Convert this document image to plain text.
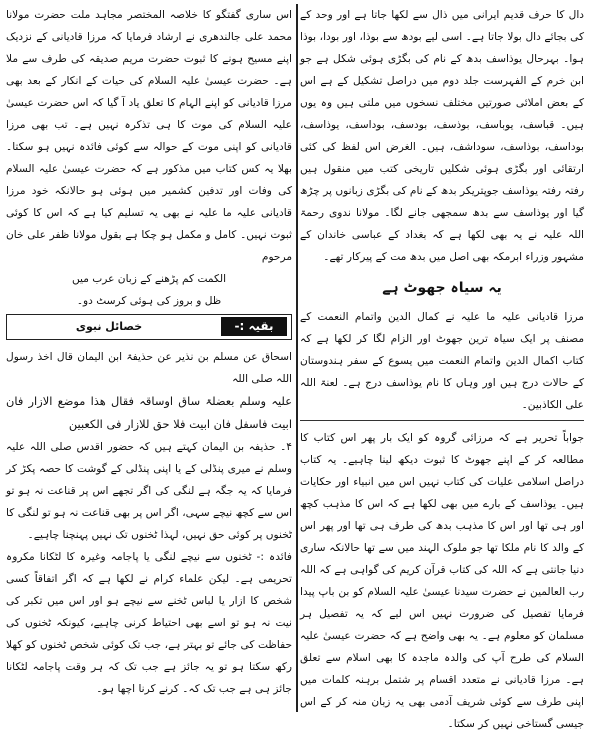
دال کا حرف قدیم ایرانی میں ذال سے لکھا جاتا ہے اور وحد کے کی بجائے دال بولا جاتا ہے۔ اسی لیے بودھ سے بوذا، اور بودا، بوذا ہوا۔ بہرحال یوذاسف بدھ کے نام کی بگڑی ہوئی شکل ہے جو ابن خرم کے الفہرست جلد دوم میں دراصل تشکیل کے ہے اس کے بعض املائی صورتیں مختلف نسخوں میں ملتی ہیں وہ یوں ہیں۔ قباسف، یوباسف، بوذسف، بودسف، بوداسف، یوذاسف، بوداسف، بوذاسف، سوداشف، ہیں۔ الغرض اس لفظ کی کئی ارتقائی اور بگڑی ہوئی شکلیں تاریخی کتب میں منقول ہیں رفتہ رفتہ یوذاسف جوپتریکر بدھ کے نام کی بگڑی زبانوں پر چڑھ گیا اور یوذاسف سے بدھ سمجھی جانے لگا۔ مولانا ندوی رحمۃ اللہ علیہ نے یہ بھی لکھا ہے کہ بغداد کے عباسی خاندان کے مشہور وزراء ابرمکہ بھی اصل میں بدھ مت کے پیرکار تھے۔

یہ سیاہ جھوٹ ہے

مرزا قادیانی علیہ ما علیہ نے کمال الدین واتمام النعمت کے مصنف پر ایک سیاہ ترین جھوٹ اور الزام لگا کر لکھا ہے کہ کتاب اکمال الدین واتمام النعمت میں یسوع کے سفر ہندوستان کے حالات درج ہیں اور وہاں کا نام یوذاسف درج ہے۔ لعنۃ اللہ علی الکاذبین۔

جواباً تحریر ہے کہ مرزائی گروہ کو ایک بار پھر اس کتاب کا مطالعہ کر کے اپنے جھوٹ کا ثبوت دیکھ لینا چاہیے۔ یہ کتاب دراصل اسلامی علیات کی کتاب نہیں اس میں انبیاء اور حکایات ہیں۔ یوذاسف کے بارے میں بھی لکھا ہے کہ اس کا مذہب کچھ اور ہی تھا اور اس کا مذہب بدھ کی طرف ہی تھا اور پھر اس کے والد کا نام ملکا تھا جو ملوک الہند میں سے تھا حالانکہ ساری دنیا جانتی ہے کہ اللہ کی کتاب قرآن کریم کی گواہی ہے کہ اللہ رب العالمین نے حضرت سیدنا عیسیٰ علیہ السلام کو بن باپ پیدا فرمایا تفصیل کی ضرورت نہیں اس لیے کہ یہ تفصیل ہر مسلمان کو معلوم ہے۔ یہ بھی واضح ہے کہ حضرت عیسیٰ علیہ السلام کی طرح آپ کی والدہ ماجدہ کا بھی اسلام سے تعلق ہے۔ مرزا قادیانی نے متعدد اقسام پر شتمل برہنہ کلمات میں اپنی طرف سے کوئی شریف آدمی بھی یہ زبان منہ کر کے اس جیسی گستاخی نہیں کر سکتا۔

اس ساری گفتگو کا خلاصہ المختصر مجاہد ملت حضرت مولانا محمد علی جالندھری نے ارشاد فرمایا کہ مرزا قادیانی کے نزدیک اپنے مسیح ہونے کا ثبوت حضرت مریم صدیقہ کی طرف سے ملا ہے۔ حضرت عیسیٰ علیہ السلام کی حیات کے انکار کے بعد بھی مرزا قادیانی کو اپنے الہام کا تعلق یاد آ گیا کہ اس حضرت عیسیٰ علیہ السلام کی موت کا ہی تذکرہ نہیں ہے۔ تب بھی مرزا قادیانی کو اپنی موت کے حوالہ سے کوئی فائدہ نہیں ہو سکتا۔ بھلا یہ کس کتاب میں مذکور ہے کہ حضرت عیسیٰ علیہ السلام کی وفات اور تدفین کشمیر میں ہوئی ہو حالانکہ خود مرزا قادیانی علیہ ما علیہ نے بھی یہ تسلیم کیا ہے کہ اس کا کوئی ثبوت نہیں۔ کامل و مکمل ہو چکا ہے بقول مولانا ظفر علی خان مرحوم

الکمت کم پڑھنے کے زبان عرب میں

ظل و بروز کی ہوئی کرسٹ دو۔

بقیہ :-
خصائل نبوی

اسحاق عن مسلم بن نذیر عن حذیفۃ ابن الیمان قال اخذ رسول اللہ صلی اللہ

علیہ وسلم بعضلۃ ساق اوساقہ فقال هذا موضع الازار فان ابیت فاسفل فان ابیت فلا حق للازار فی الکعبین

۴۔ حذیفہ بن الیمان کہتے ہیں کہ حضور اقدس صلی اللہ علیہ وسلم نے میری پنڈلی کے یا اپنی پنڈلی کے گوشت کا حصہ پکڑ کر فرمایا کہ یہ جگہ ہے لنگی کی اگر تجھے اس پر قناعت نہ ہو تو اس سے کچھ نیچے سہی، اگر اس پر بھی قناعت نہ ہو تو لنگی کا ٹخنوں پر کوئی حق نہیں، لہذا ٹخنوں تک نہیں پہنچنا چاہیے۔

فائدہ :- ٹخنوں سے نیچے لنگی یا پاجامہ وغیرہ کا لٹکانا مکروہ تحریمی ہے۔ لیکن علماء کرام نے لکھا ہے کہ اگر اتفاقاً کسی شخص کا ازار یا لباس ٹخنے سے نیچے ہو اور اس میں تکبر کی نیت نہ ہو تو اسے بھی احتیاط کرنی چاہیے، کیونکہ ٹخنوں کی حفاظت کی جائے تو بہتر ہے، جب تک کوئی شخص ٹخنوں کو کھلا رکھ سکتا ہو تو یہ جائز ہے جب تک کہ ہر وقت پاجامہ لٹکانا جائز ہی ہے جب تک کہ۔ کرنے کرنا اچھا ہو۔
